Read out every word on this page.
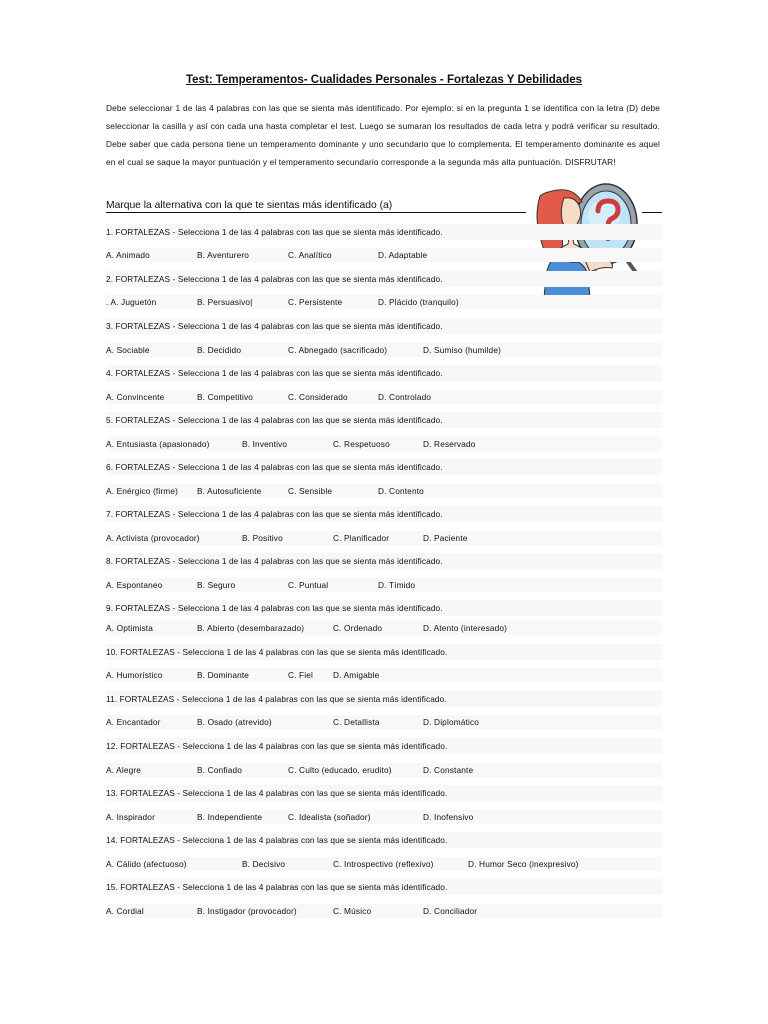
Test: Temperamentos- Cualidades Personales - Fortalezas Y Debilidades
Debe seleccionar 1 de las 4 palabras con las que se sienta más identificado. Por ejemplo: si en la pregunta 1 se identifica con la letra (D) debe seleccionar la casilla y así con cada una hasta completar el test. Luego se sumaran los resultados de cada letra y podrá verificar su resultado. Debe saber que cada persona tiene un temperamento dominante y uno secundario que lo complementa. El temperamento dominante es aquel en el cual se saque la mayor puntuación y el temperamento secundario corresponde a la segunda más alta puntuación. DISFRUTAR!
Marque la alternativa con la que te sientas más identificado (a)
1. FORTALEZAS - Selecciona 1 de las 4 palabras con las que se sienta más identificado.
A. Animado	B. Aventurero	C. Analítico	D. Adaptable
2. FORTALEZAS - Selecciona 1 de las 4 palabras con las que se sienta más identificado.
. A. Juguetón	B. Persuasivo|	C. Persistente	D. Plácido (tranquilo)
3. FORTALEZAS - Selecciona 1 de las 4 palabras con las que se sienta más identificado.
A. Sociable	B. Decidido	C. Abnegado (sacrificado)	D. Sumiso (humilde)
4. FORTALEZAS - Selecciona 1 de las 4 palabras con las que se sienta más identificado.
A. Convincente	B. Competitivo	C. Considerado	D. Controlado
5. FORTALEZAS - Selecciona 1 de las 4 palabras con las que se sienta más identificado.
A. Entusiasta (apasionado)	B. Inventivo	C. Respetuoso	D. Reservado
6. FORTALEZAS - Selecciona 1 de las 4 palabras con las que se sienta más identificado.
A. Enérgico (firme) B. Autosuficiente	C. Sensible	D. Contento
7. FORTALEZAS - Selecciona 1 de las 4 palabras con las que se sienta más identificado.
A. Activista (provocador)	B. Positivo	C. Planificador	D. Paciente
8. FORTALEZAS - Selecciona 1 de las 4 palabras con las que se sienta más identificado.
A. Espontaneo	B. Seguro	C. Puntual	D. Tímido
9. FORTALEZAS - Selecciona 1 de las 4 palabras con las que se sienta más identificado.
A. Optimista	B. Abierto (desembarazado)	C. Ordenado	D. Atento (interesado)
10. FORTALEZAS - Selecciona 1 de las 4 palabras con las que se sienta más identificado.
A. Humorístico	B. Dominante	C. Fiel D. Amigable
11. FORTALEZAS - Selecciona 1 de las 4 palabras con las que se sienta más identificado.
A. Encantador	B. Osado (atrevido)	C. Detallista	D. Diplomático
12. FORTALEZAS - Selecciona 1 de las 4 palabras con las que se sienta más identificado.
A. Alegre	B. Confiado	C. Culto (educado, erudito)	D. Constante
13. FORTALEZAS - Selecciona 1 de las 4 palabras con las que se sienta más identificado.
A. Inspirador	B. Independiente	C. Idealista (soñador)	D. Inofensivo
14. FORTALEZAS - Selecciona 1 de las 4 palabras con las que se sienta más identificado.
A. Cálido (afectuoso)	B. Decisivo	C. Introspectivo (reflexivo)	D. Humor Seco (inexpresivo)
15. FORTALEZAS - Selecciona 1 de las 4 palabras con las que se sienta más identificado.
A. Cordial	B. Instigador (provocador)	C. Músico	D. Conciliador
